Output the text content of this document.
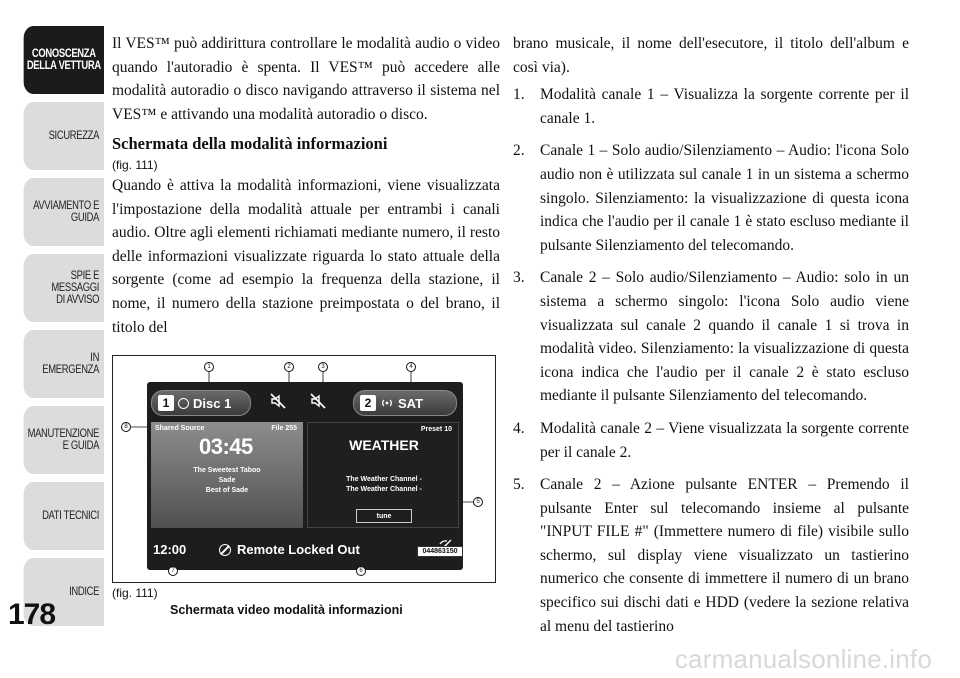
CONOSCENZA
DELLA VETTURA
SICUREZZA
AVVIAMENTO E
GUIDA
SPIE E
MESSAGGI
DI AVVISO
IN
EMERGENZA
MANUTENZIONE
E GUIDA
DATI TECNICI
INDICE
178

Il VES™ può addirittura controllare le modalità audio o video quando l'autoradio è spenta. Il VES™ può accedere alle modalità autoradio o disco navigando attraverso il sistema nel VES™ e attivando una modalità autoradio o disco.

Schermata della modalità informazioni

(fig. 111)

Quando è attiva la modalità informazioni, viene visualizzata l'impostazione della modalità attuale per entrambi i canali audio. Oltre agli elementi richiamati mediante numero, il resto delle informazioni visualizzate riguarda lo stato attuale della sorgente (come ad esempio la frequenza della stazione, il nome, il numero della stazione preimpostata o del brano, il titolo del

1	Disc 1	2	SAT
Shared Source	File 255
03:45
The Sweetest Taboo
Sade
Best of Sade
Preset 10
WEATHER
The Weather Channel -
The Weather Channel -
tune
12:00	Remote Locked Out
1	2	3	4
5
6
7
8
044863150
(fig. 111)
Schermata video modalità informazioni

brano musicale, il nome dell'esecutore, il titolo dell'album e così via).

1. Modalità canale 1 – Visualizza la sorgente corrente per il canale 1.
2. Canale 1 – Solo audio/Silenziamento – Audio: l'icona Solo audio non è utilizzata sul canale 1 in un sistema a schermo singolo. Silenziamento: la visualizzazione di questa icona indica che l'audio per il canale 1 è stato escluso mediante il pulsante Silenziamento del telecomando.
3. Canale 2 – Solo audio/Silenziamento – Audio: solo in un sistema a schermo singolo: l'icona Solo audio viene visualizzata sul canale 2 quando il canale 1 si trova in modalità video. Silenziamento: la visualizzazione di questa icona indica che l'audio per il canale 2 è stato escluso mediante il pulsante Silenziamento del telecomando.
4. Modalità canale 2 – Viene visualizzata la sorgente corrente per il canale 2.
5. Canale 2 – Azione pulsante ENTER – Premendo il pulsante Enter sul telecomando insieme al pulsante "INPUT FILE #" (Immettere numero di file) visibile sullo schermo, sul display viene visualizzato un tastierino numerico che consente di immettere il numero di un brano specifico sui dischi dati e HDD (vedere la sezione relativa al menu del tastierino
carmanualsonline.info
